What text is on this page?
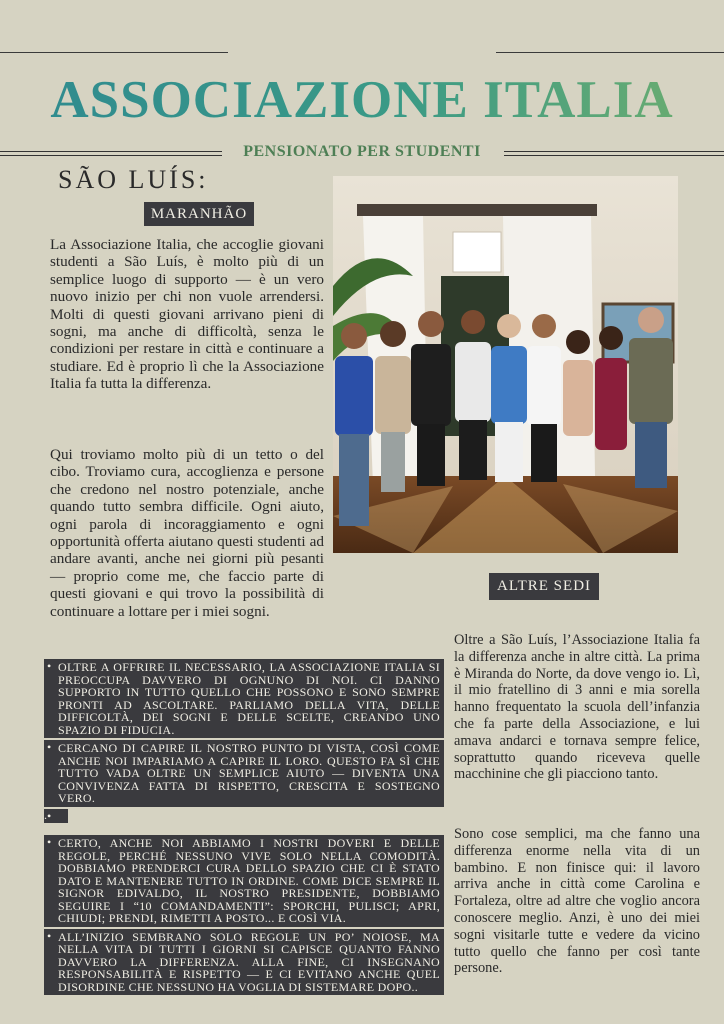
ASSOCIAZIONE ITALIA
PENSIONATO PER STUDENTI
SÃO LUÍS:
MARANHÃO

La Associazione Italia, che accoglie giovani studenti a São Luís, è molto più di un semplice luogo di supporto — è un vero nuovo inizio per chi non vuole arrendersi. Molti di questi giovani arrivano pieni di sogni, ma anche di difficoltà, senza le condizioni per restare in città e continuare a studiare. Ed è proprio lì che la Associazione Italia fa tutta la differenza.

Qui troviamo molto più di un tetto o del cibo. Troviamo cura, accoglienza e persone che credono nel nostro potenziale, anche quando tutto sembra difficile. Ogni aiuto, ogni parola di incoraggiamento e ogni opportunità offerta aiutano questi studenti ad andare avanti, anche nei giorni più pesanti — proprio come me, che faccio parte di questi giovani e qui trovo la possibilità di continuare a lottare per i miei sogni.

ALTRE SEDI

Oltre a São Luís, l’Associazione Italia fa la differenza anche in altre città. La prima è Miranda do Norte, da dove vengo io. Lì, il mio fratellino di 3 anni e mia sorella hanno frequentato la scuola dell’infanzia che fa parte della Associazione, e lui amava andarci e tornava sempre felice, soprattutto quando riceveva quelle macchinine che gli piacciono tanto.

Sono cose semplici, ma che fanno una differenza enorme nella vita di un bambino. E non finisce qui: il lavoro arriva anche in città come Carolina e Fortaleza, oltre ad altre che voglio ancora conoscere meglio. Anzi, è uno dei miei sogni visitarle tutte e vedere da vicino tutto quello che fanno per così tante persone.

• OLTRE A OFFRIRE IL NECESSARIO, LA ASSOCIAZIONE ITALIA SI PREOCCUPA DAVVERO DI OGNUNO DI NOI. CI DANNO SUPPORTO IN TUTTO QUELLO CHE POSSONO E SONO SEMPRE PRONTI AD ASCOLTARE. PARLIAMO DELLA VITA, DELLE DIFFICOLTÀ, DEI SOGNI E DELLE SCELTE, CREANDO UNO SPAZIO DI FIDUCIA.
• CERCANO DI CAPIRE IL NOSTRO PUNTO DI VISTA, COSÌ COME ANCHE NOI IMPARIAMO A CAPIRE IL LORO. QUESTO FA SÌ CHE TUTTO VADA OLTRE UN SEMPLICE AIUTO — DIVENTA UNA CONVIVENZA FATTA DI RISPETTO, CRESCITA E SOSTEGNO VERO.
• .
• CERTO, ANCHE NOI ABBIAMO I NOSTRI DOVERI E DELLE REGOLE, PERCHÉ NESSUNO VIVE SOLO NELLA COMODITÀ. DOBBIAMO PRENDERCI CURA DELLO SPAZIO CHE CI È STATO DATO E MANTENERE TUTTO IN ORDINE. COME DICE SEMPRE IL SIGNOR EDIVALDO, IL NOSTRO PRESIDENTE, DOBBIAMO SEGUIRE I “10 COMANDAMENTI”: SPORCHI, PULISCI; APRI, CHIUDI; PRENDI, RIMETTI A POSTO... E COSÌ VIA.
• ALL’INIZIO SEMBRANO SOLO REGOLE UN PO’ NOIOSE, MA NELLA VITA DI TUTTI I GIORNI SI CAPISCE QUANTO FANNO DAVVERO LA DIFFERENZA. ALLA FINE, CI INSEGNANO RESPONSABILITÀ E RISPETTO — E CI EVITANO ANCHE QUEL DISORDINE CHE NESSUNO HA VOGLIA DI SISTEMARE DOPO..
